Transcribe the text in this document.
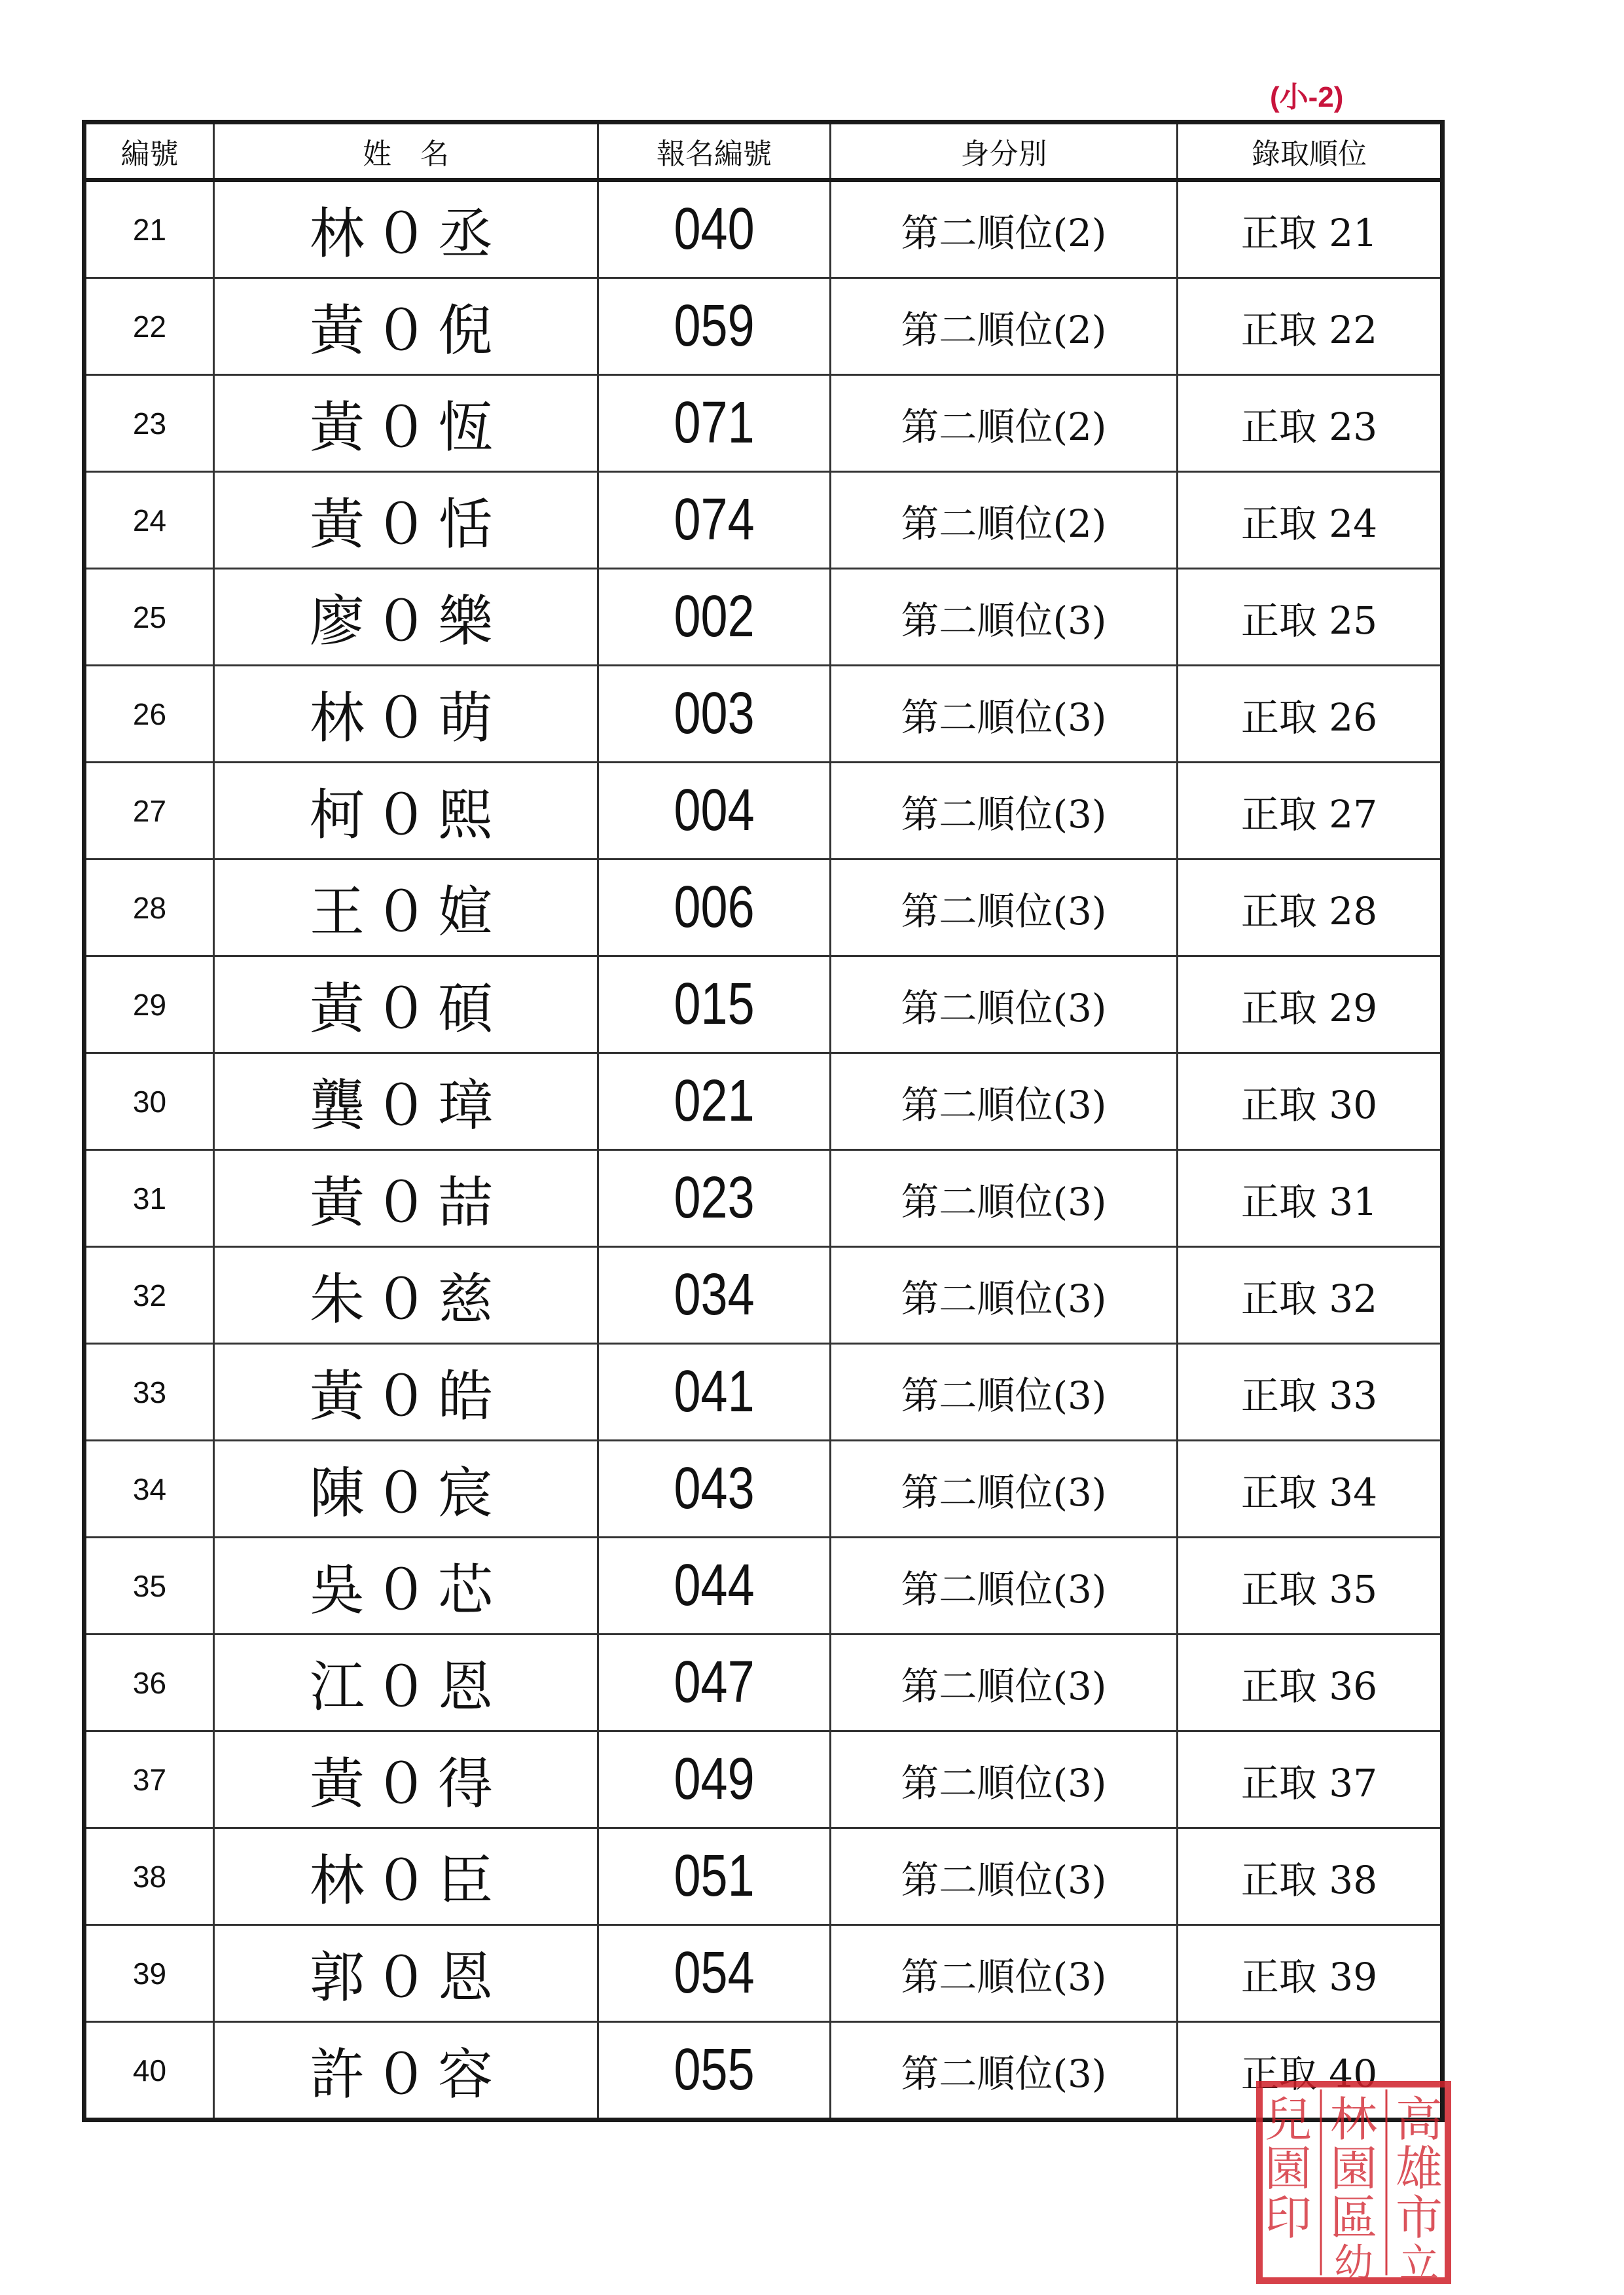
(小-2)
編號	姓　名	報名編號	身分別	錄取順位
21	林０丞	040	第二順位(2)	正取 21
22	黃０倪	059	第二順位(2)	正取 22
23	黃０恆	071	第二順位(2)	正取 23
24	黃０恬	074	第二順位(2)	正取 24
25	廖０樂	002	第二順位(3)	正取 25
26	林０萌	003	第二順位(3)	正取 26
27	柯０熙	004	第二順位(3)	正取 27
28	王０媗	006	第二順位(3)	正取 28
29	黃０碩	015	第二順位(3)	正取 29
30	龔０璋	021	第二順位(3)	正取 30
31	黃０喆	023	第二順位(3)	正取 31
32	朱０慈	034	第二順位(3)	正取 32
33	黃０皓	041	第二順位(3)	正取 33
34	陳０宸	043	第二順位(3)	正取 34
35	吳０芯	044	第二順位(3)	正取 35
36	江０恩	047	第二順位(3)	正取 36
37	黃０得	049	第二順位(3)	正取 37
38	林０臣	051	第二順位(3)	正取 38
39	郭０恩	054	第二順位(3)	正取 39
40	許０容	055	第二順位(3)	正取 40
高
雄
市
立
林
園
區
幼
兒
園
印
